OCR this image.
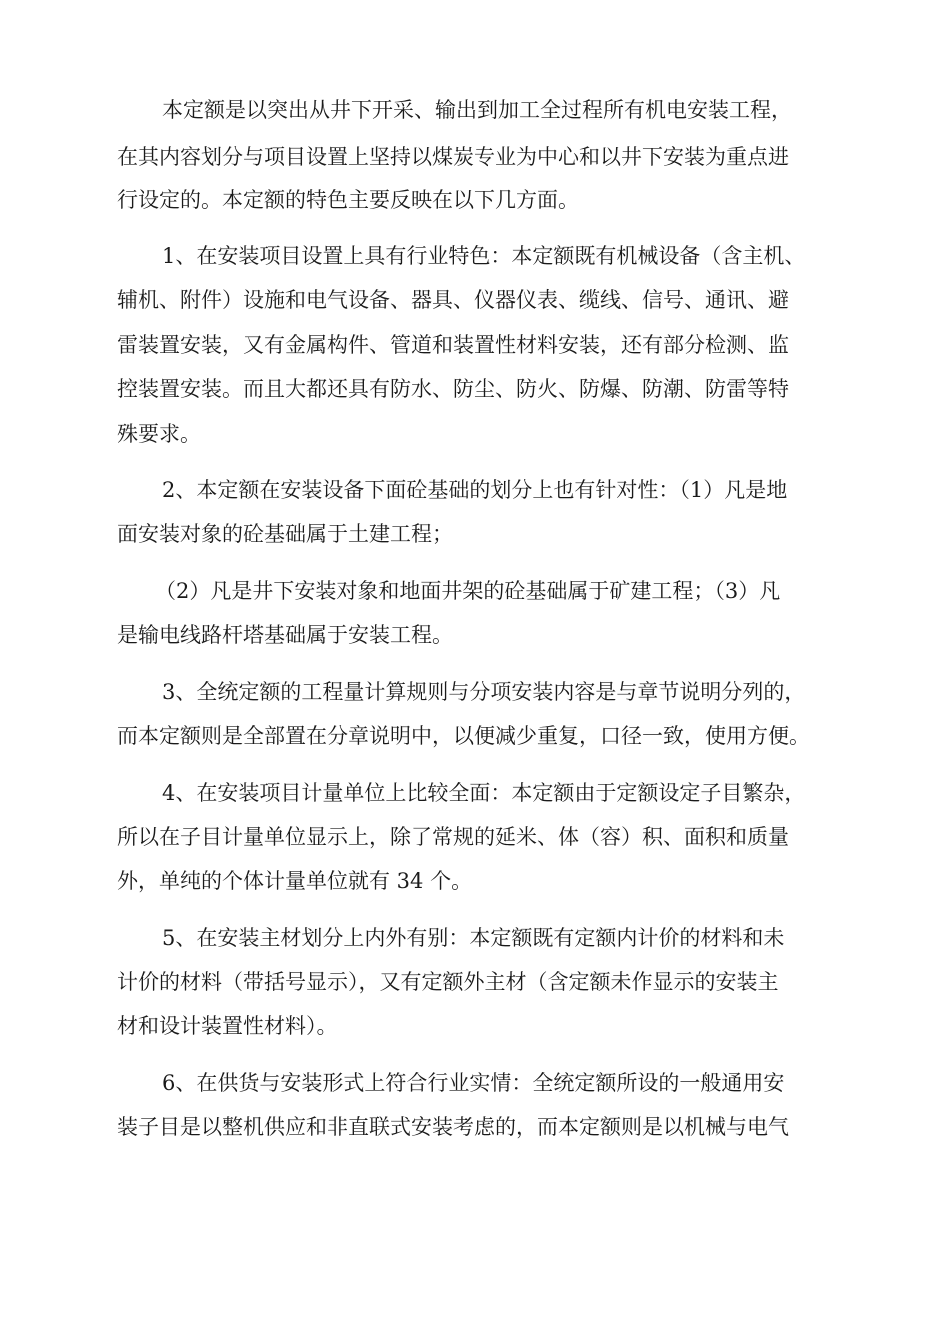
本定额是以突出从井下开采、输出到加工全过程所有机电安装工程，

在其内容划分与项目设置上坚持以煤炭专业为中心和以井下安装为重点进

行设定的。本定额的特色主要反映在以下几方面。

1、在安装项目设置上具有行业特色：本定额既有机械设备（含主机、

辅机、附件）设施和电气设备、器具、仪器仪表、缆线、信号、通讯、避

雷装置安装，又有金属构件、管道和装置性材料安装，还有部分检测、监

控装置安装。而且大都还具有防水、防尘、防火、防爆、防潮、防雷等特

殊要求。

2、本定额在安装设备下面砼基础的划分上也有针对性：（1）凡是地

面安装对象的砼基础属于土建工程；

（2）凡是井下安装对象和地面井架的砼基础属于矿建工程；（3）凡

是输电线路杆塔基础属于安装工程。

3、全统定额的工程量计算规则与分项安装内容是与章节说明分列的，

而本定额则是全部置在分章说明中，以便减少重复，口径一致，使用方便。

4、在安装项目计量单位上比较全面：本定额由于定额设定子目繁杂，

所以在子目计量单位显示上，除了常规的延米、体（容）积、面积和质量

外，单纯的个体计量单位就有 34 个。

5、在安装主材划分上内外有别：本定额既有定额内计价的材料和未

计价的材料（带括号显示），又有定额外主材（含定额未作显示的安装主

材和设计装置性材料）。

6、在供货与安装形式上符合行业实情：全统定额所设的一般通用安

装子目是以整机供应和非直联式安装考虑的，而本定额则是以机械与电气
